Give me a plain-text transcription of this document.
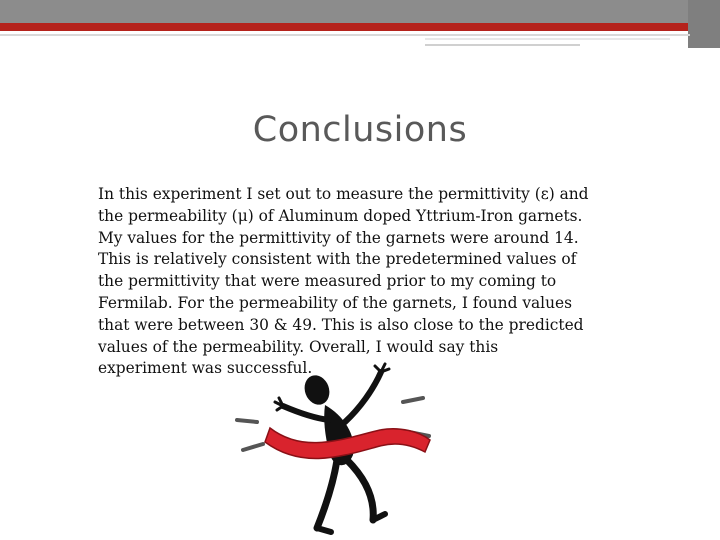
Conclusions
In this experiment I set out to measure the permittivity (ε) and
the permeability (μ) of Aluminum doped Yttrium-Iron garnets.
My values for the permittivity of the garnets were around 14.
This is relatively consistent with the predetermined values of
the permittivity that were measured prior to my coming to
Fermilab. For the permeability of the garnets, I found values
that were between 30 & 49. This is also close to the predicted
values of the permeability. Overall, I would say this
experiment was successful.
